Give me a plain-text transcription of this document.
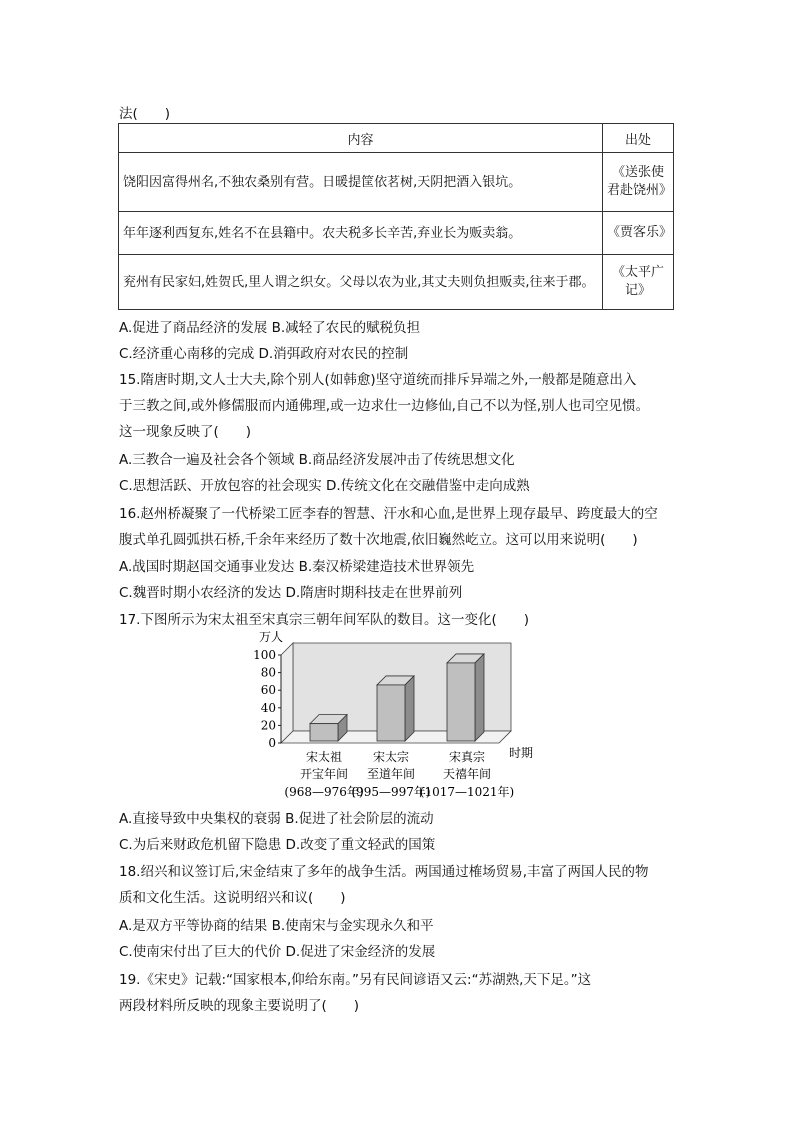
法(　　)
内容	出处
饶阳因富得州名,不独农桑别有营。日暖提筐依茗树,天阴把酒入银坑。	《送张使君赴饶州》
年年逐利西复东,姓名不在县籍中。农夫税多长辛苦,弃业长为贩卖翁。	《贾客乐》
兖州有民家妇,姓贺氏,里人谓之织女。父母以农为业,其丈夫则负担贩卖,往来于郡。	《太平广记》
A.促进了商品经济的发展 B.减轻了农民的赋税负担
C.经济重心南移的完成 D.消弭政府对农民的控制
15.隋唐时期,文人士大夫,除个别人(如韩愈)坚守道统而排斥异端之外,一般都是随意出入
于三教之间,或外修儒服而内通佛理,或一边求仕一边修仙,自己不以为怪,别人也司空见惯。
这一现象反映了(　　)
A.三教合一遍及社会各个领域 B.商品经济发展冲击了传统思想文化
C.思想活跃、开放包容的社会现实 D.传统文化在交融借鉴中走向成熟
16.赵州桥凝聚了一代桥梁工匠李春的智慧、汗水和心血,是世界上现存最早、跨度最大的空
腹式单孔圆弧拱石桥,千余年来经历了数十次地震,依旧巍然屹立。这可以用来说明(　　)
A.战国时期赵国交通事业发达 B.秦汉桥梁建造技术世界领先
C.魏晋时期小农经济的发达 D.隋唐时期科技走在世界前列
17.下图所示为宋太祖至宋真宗三朝年间军队的数目。这一变化(　　)
0
20
40
60
80
100
万人
宋太祖
开宝年间
(968—976年)
宋太宗
至道年间
(995—997年)
宋真宗
天禧年间
(1017—1021年)
时期
A.直接导致中央集权的衰弱 B.促进了社会阶层的流动
C.为后来财政危机留下隐患 D.改变了重文轻武的国策
18.绍兴和议签订后,宋金结束了多年的战争生活。两国通过榷场贸易,丰富了两国人民的物
质和文化生活。这说明绍兴和议(　　)
A.是双方平等协商的结果 B.使南宋与金实现永久和平
C.使南宋付出了巨大的代价 D.促进了宋金经济的发展
19.《宋史》记载:“国家根本,仰给东南。”另有民间谚语又云:“苏湖熟,天下足。”这
两段材料所反映的现象主要说明了(　　)
